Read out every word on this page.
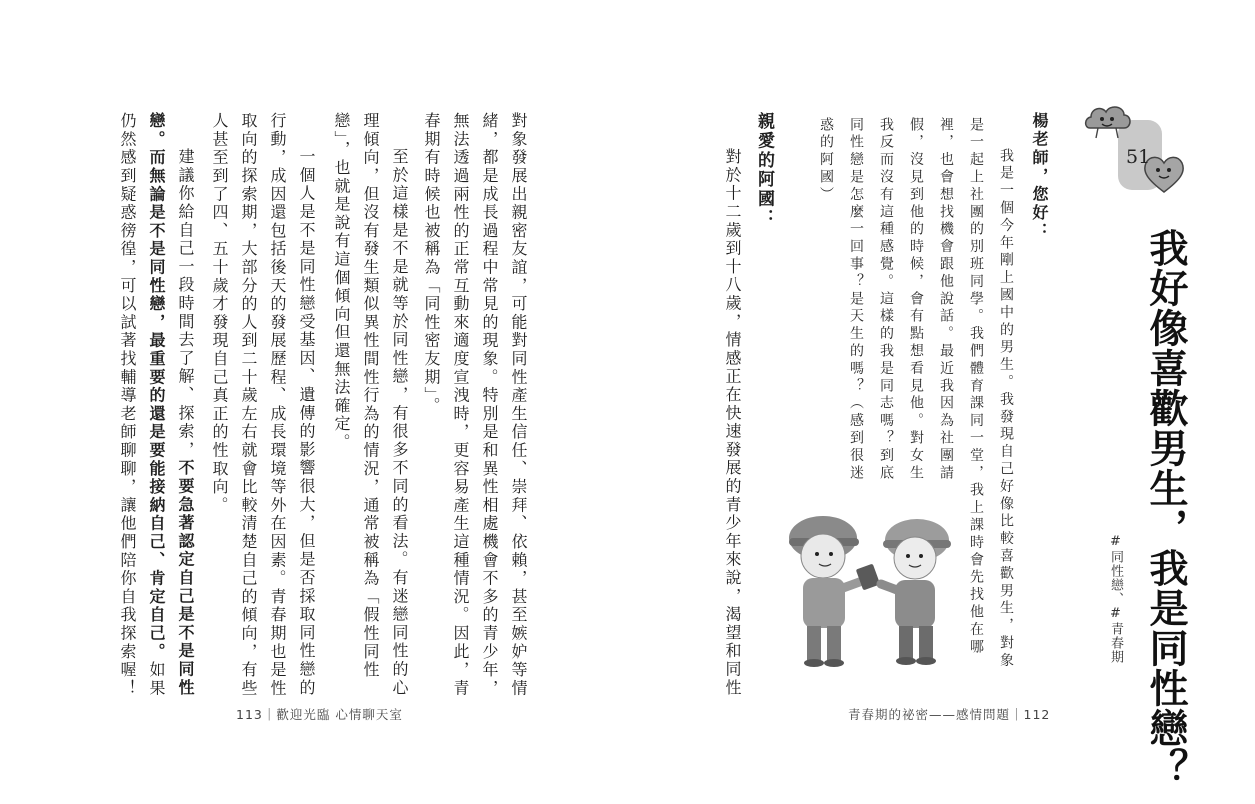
51
我好像喜歡男生，我是同性戀？
#同性戀、#青春期
楊老師，您好：
我是一個今年剛上國中的男生。我發現自己好像比較喜歡男生，對象
是一起上社團的別班同學。我們體育課同一堂，我上課時會先找他在哪
裡，也會想找機會跟他說話。最近我因為社團請
假，沒見到他的時候，會有點想看見他。對女生
我反而沒有這種感覺。這樣的我是同志嗎？到底
同性戀是怎麼一回事？是天生的嗎？（感到很迷
惑的阿國）
親愛的阿國：
對於十二歲到十八歲，情感正在快速發展的青少年來說，渴望和同性
青春期的祕密——感情問題｜112
對象發展出親密友誼，可能對同性產生信任、崇拜、依賴，甚至嫉妒等情
緒，都是成長過程中常見的現象。特別是和異性相處機會不多的青少年，
無法透過兩性的正常互動來適度宣洩時，更容易產生這種情況。因此，青
春期有時候也被稱為「同性密友期」。
至於這樣是不是就等於同性戀，有很多不同的看法。有迷戀同性的心
理傾向，但沒有發生類似異性間性行為的情況，通常被稱為「假性同性
戀」，也就是說有這個傾向但還無法確定。
一個人是不是同性戀受基因、遺傳的影響很大，但是否採取同性戀的
行動，成因還包括後天的發展歷程、成長環境等外在因素。青春期也是性
取向的探索期，大部分的人到二十歲左右就會比較清楚自己的傾向，有些
人甚至到了四、五十歲才發現自己真正的性取向。
建議你給自己一段時間去了解、探索，不要急著認定自己是不是同性
戀。而無論是不是同性戀，最重要的還是要能接納自己、肯定自己。如果
仍然感到疑惑徬徨，可以試著找輔導老師聊聊，讓他們陪你自我探索喔！
113｜歡迎光臨 心情聊天室
